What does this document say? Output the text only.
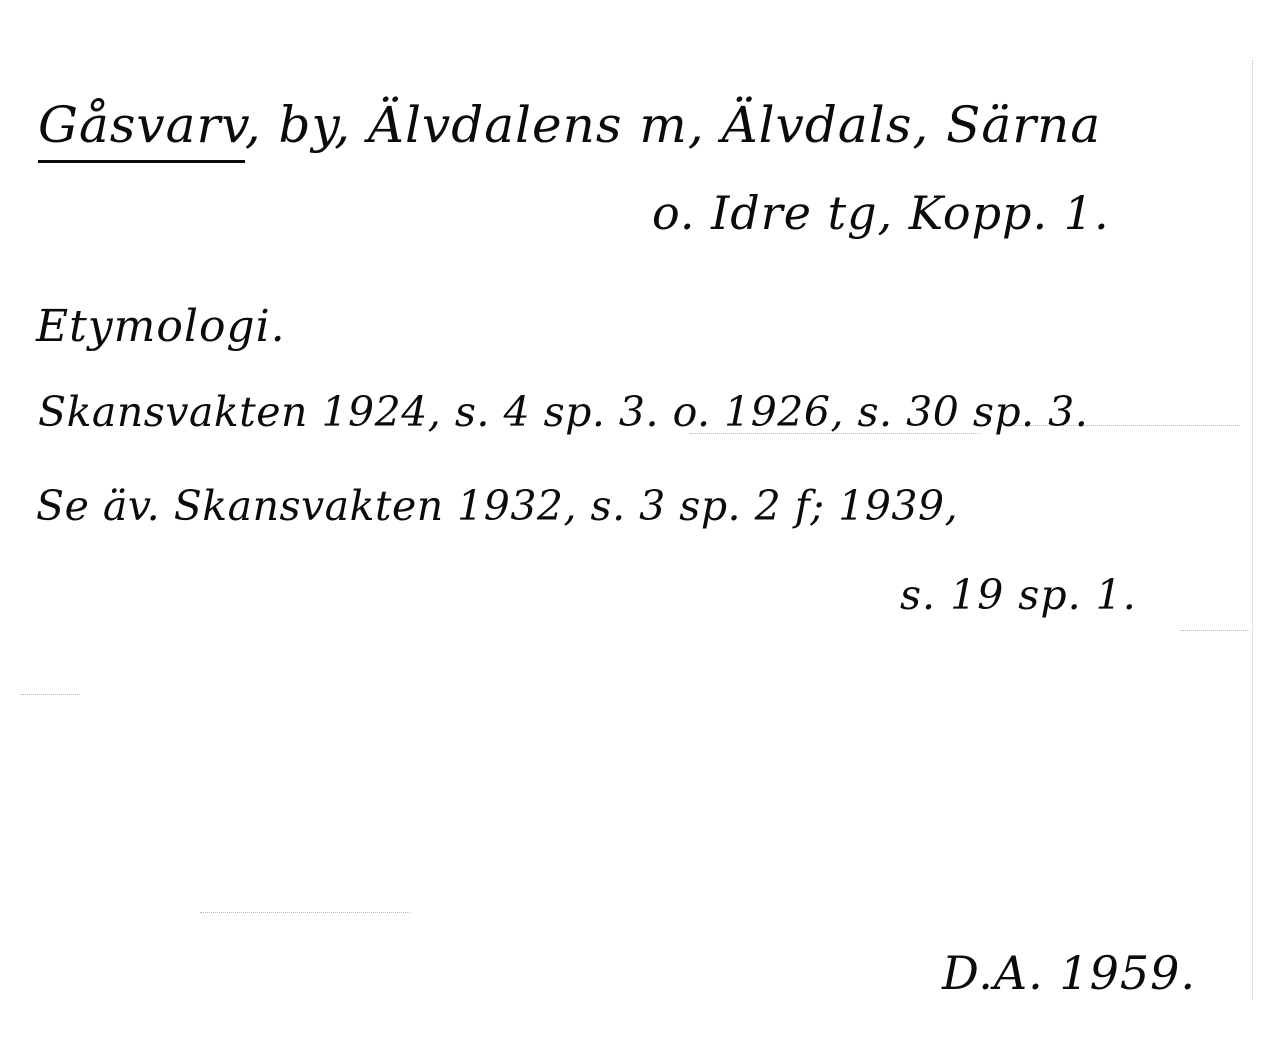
Gåsvarv, by, Älvdalens m, Älvdals, Särna
o. Idre tg, Kopp. 1.
Etymologi.
Skansvakten 1924, s. 4 sp. 3. o. 1926, s. 30 sp. 3.
Se äv. Skansvakten 1932, s. 3 sp. 2 f; 1939,
s. 19 sp. 1.
D.A. 1959.
